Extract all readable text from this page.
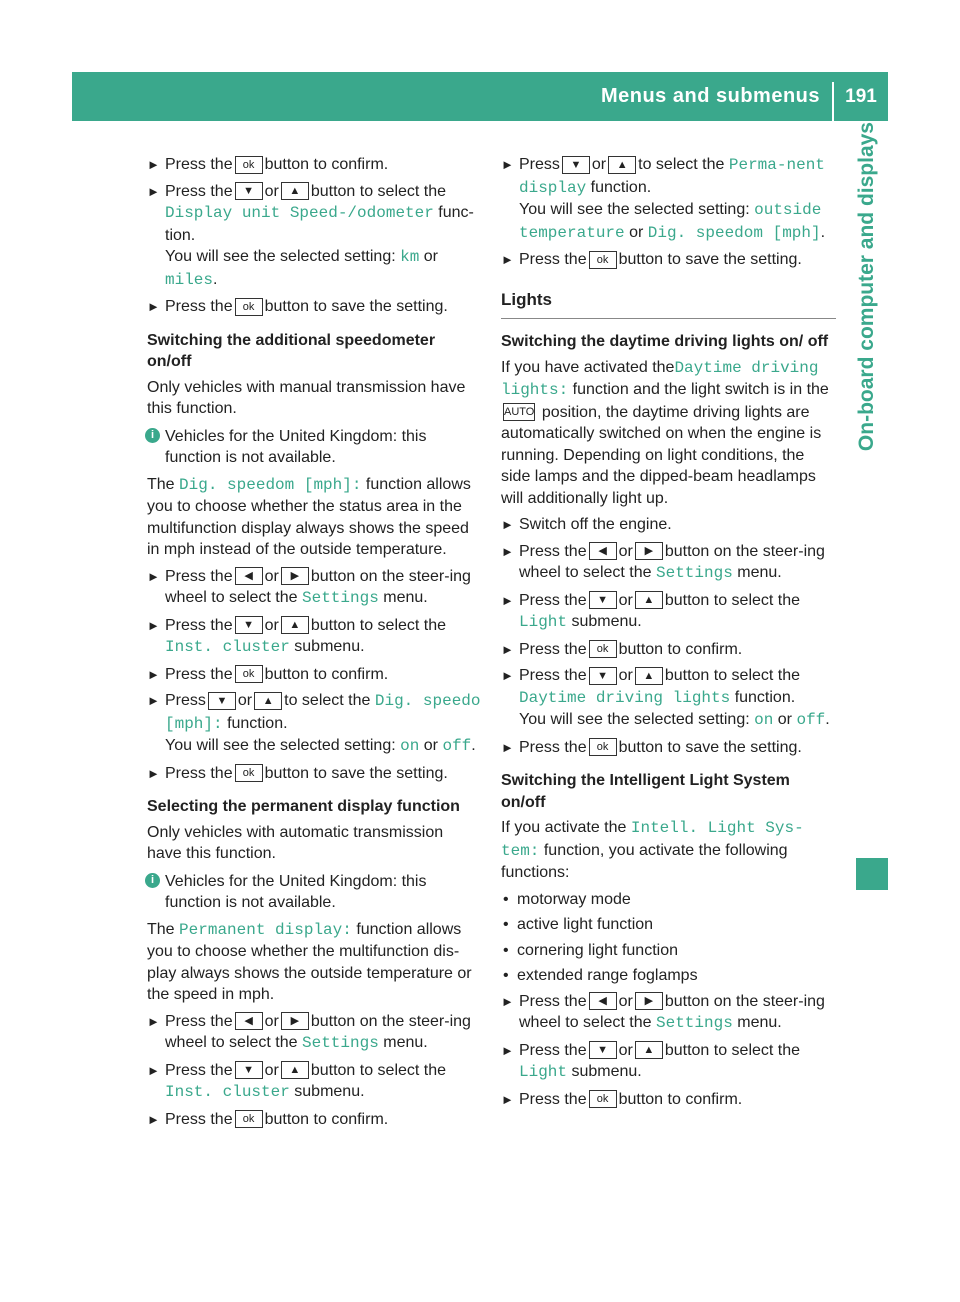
Menus and submenus	191
On-board computer and displays
► Press the ok button to confirm.
► Press the ▼ or ▲ button to select the Display unit Speed-/odometer func-tion.
You will see the selected setting: km or miles.
► Press the ok button to save the setting.
Switching the additional speedometer on/off

Only vehicles with manual transmission have this function.

i Vehicles for the United Kingdom: this function is not available.

The Dig. speedom [mph]: function allows you to choose whether the status area in the multifunction display always shows the speed in mph instead of the outside temperature.

► Press the ◀ or ▶ button on the steer-ing wheel to select the Settings menu.
► Press the ▼ or ▲ button to select the Inst. cluster submenu.
► Press the ok button to confirm.
► Press ▼ or ▲ to select the Dig. speedo [mph]: function.
You will see the selected setting: on or off.
► Press the ok button to save the setting.
Selecting the permanent display function

Only vehicles with automatic transmission have this function.

i Vehicles for the United Kingdom: this function is not available.

The Permanent display: function allows you to choose whether the multifunction dis-play always shows the outside temperature or the speed in mph.

► Press the ◀ or ▶ button on the steer-ing wheel to select the Settings menu.
► Press the ▼ or ▲ button to select the Inst. cluster submenu.
► Press the ok button to confirm.
► Press ▼ or ▲ to select the Perma-nent display function.
You will see the selected setting: outside temperature or Dig. speedom [mph].
► Press the ok button to save the setting.
Lights
Switching the daytime driving lights on/ off

If you have activated theDaytime driving lights: function and the light switch is in the AUTO position, the daytime driving lights are automatically switched on when the engine is running. Depending on light conditions, the side lamps and the dipped-beam headlamps will additionally light up.

► Switch off the engine.
► Press the ◀ or ▶ button on the steer-ing wheel to select the Settings menu.
► Press the ▼ or ▲ button to select the Light submenu.
► Press the ok button to confirm.
► Press the ▼ or ▲ button to select the Daytime driving lights function.
You will see the selected setting: on or off.
► Press the ok button to save the setting.
Switching the Intelligent Light System on/off

If you activate the Intell. Light Sys-tem: function, you activate the following functions:

• motorway mode
• active light function
• cornering light function
• extended range foglamps
► Press the ◀ or ▶ button on the steer-ing wheel to select the Settings menu.
► Press the ▼ or ▲ button to select the Light submenu.
► Press the ok button to confirm.
